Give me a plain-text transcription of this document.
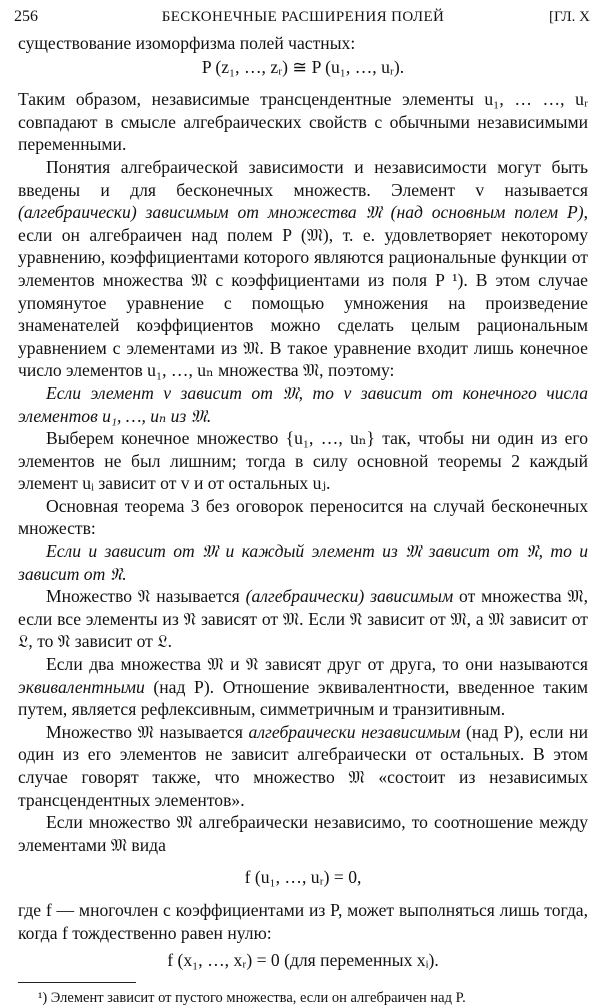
256	БЕСКОНЕЧНЫЕ РАСШИРЕНИЯ ПОЛЕЙ	[ГЛ. X

существование изоморфизма полей частных:

P (z₁, …, zᵣ) ≅ P (u₁, …, uᵣ).

Таким образом, независимые трансцендентные элементы u₁, … …, uᵣ совпадают в смысле алгебраических свойств с обычными независимыми переменными.

Понятия алгебраической зависимости и независимости могут быть введены и для бесконечных множеств. Элемент v называется (алгебраически) зависимым от множества 𝔐 (над основным полем P), если он алгебраичен над полем P (𝔐), т. е. удовлетворяет некоторому уравнению, коэффициентами которого являются рациональные функции от элементов множества 𝔐 с коэффициентами из поля P ¹). В этом случае упомянутое уравнение с помощью умножения на произведение знаменателей коэффициентов можно сделать целым рациональным уравнением с элементами из 𝔐. В такое уравнение входит лишь конечное число элементов u₁, …, uₙ множества 𝔐, поэтому:

Если элемент v зависит от 𝔐, то v зависит от конечного числа элементов u₁, …, uₙ из 𝔐.

Выберем конечное множество {u₁, …, uₙ} так, чтобы ни один из его элементов не был лишним; тогда в силу основной теоремы 2 каждый элемент uᵢ зависит от v и от остальных uⱼ.

Основная теорема 3 без оговорок переносится на случай бесконечных множеств:

Если u зависит от 𝔐 и каждый элемент из 𝔐 зависит от 𝔑, то u зависит от 𝔑.

Множество 𝔑 называется (алгебраически) зависимым от множества 𝔐, если все элементы из 𝔑 зависят от 𝔐. Если 𝔑 зависит от 𝔐, а 𝔐 зависит от 𝔏, то 𝔑 зависит от 𝔏.

Если два множества 𝔐 и 𝔑 зависят друг от друга, то они называются эквивалентными (над P). Отношение эквивалентности, введенное таким путем, является рефлексивным, симметричным и транзитивным.

Множество 𝔐 называется алгебраически независимым (над P), если ни один из его элементов не зависит алгебраически от остальных. В этом случае говорят также, что множество 𝔐 «состоит из независимых трансцендентных элементов».

Если множество 𝔐 алгебраически независимо, то соотношение между элементами 𝔐 вида

f (u₁, …, uᵣ) = 0,

где f — многочлен с коэффициентами из P, может выполняться лишь тогда, когда f тождественно равен нулю:

f (x₁, …, xᵣ) = 0 (для переменных xᵢ).

¹) Элемент зависит от пустого множества, если он алгебраичен над P.
